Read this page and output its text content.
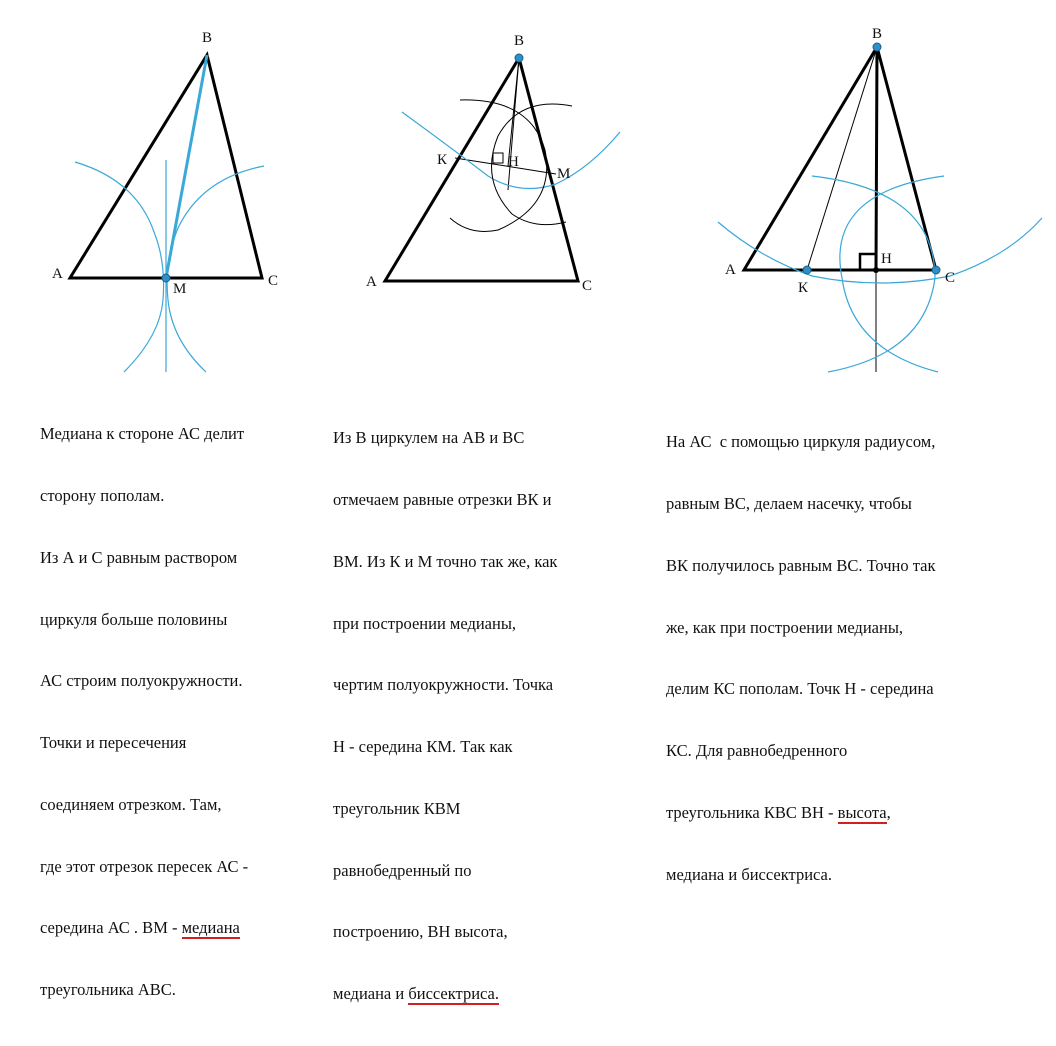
A
B
C
M	A
B
C
К
M
Н
A
B
C
К
Н

Медиана к стороне АС делит

сторону пополам.

Из А и С равным раствором

циркуля больше половины

АС строим полуокружности.

Точки и пересечения

соединяем отрезком. Там,

где этот отрезок пересек АС -

середина АС . ВМ - медиана

треугольника АВС.

Из В циркулем на АВ и ВС

отмечаем равные отрезки ВК и

ВМ. Из К и М точно так же, как

при построении медианы,

чертим полуокружности. Точка

Н - середина КМ. Так как

треугольник КВМ

равнобедренный по

построению, ВН высота,

медиана и биссектриса.

На АС  с помощью циркуля радиусом,

равным ВС, делаем насечку, чтобы

ВК получилось равным ВС. Точно так

же, как при построении медианы,

делим КС пополам. Точк Н - середина

КС. Для равнобедренного

треугольника КВС ВН - высота,

медиана и биссектриса.
